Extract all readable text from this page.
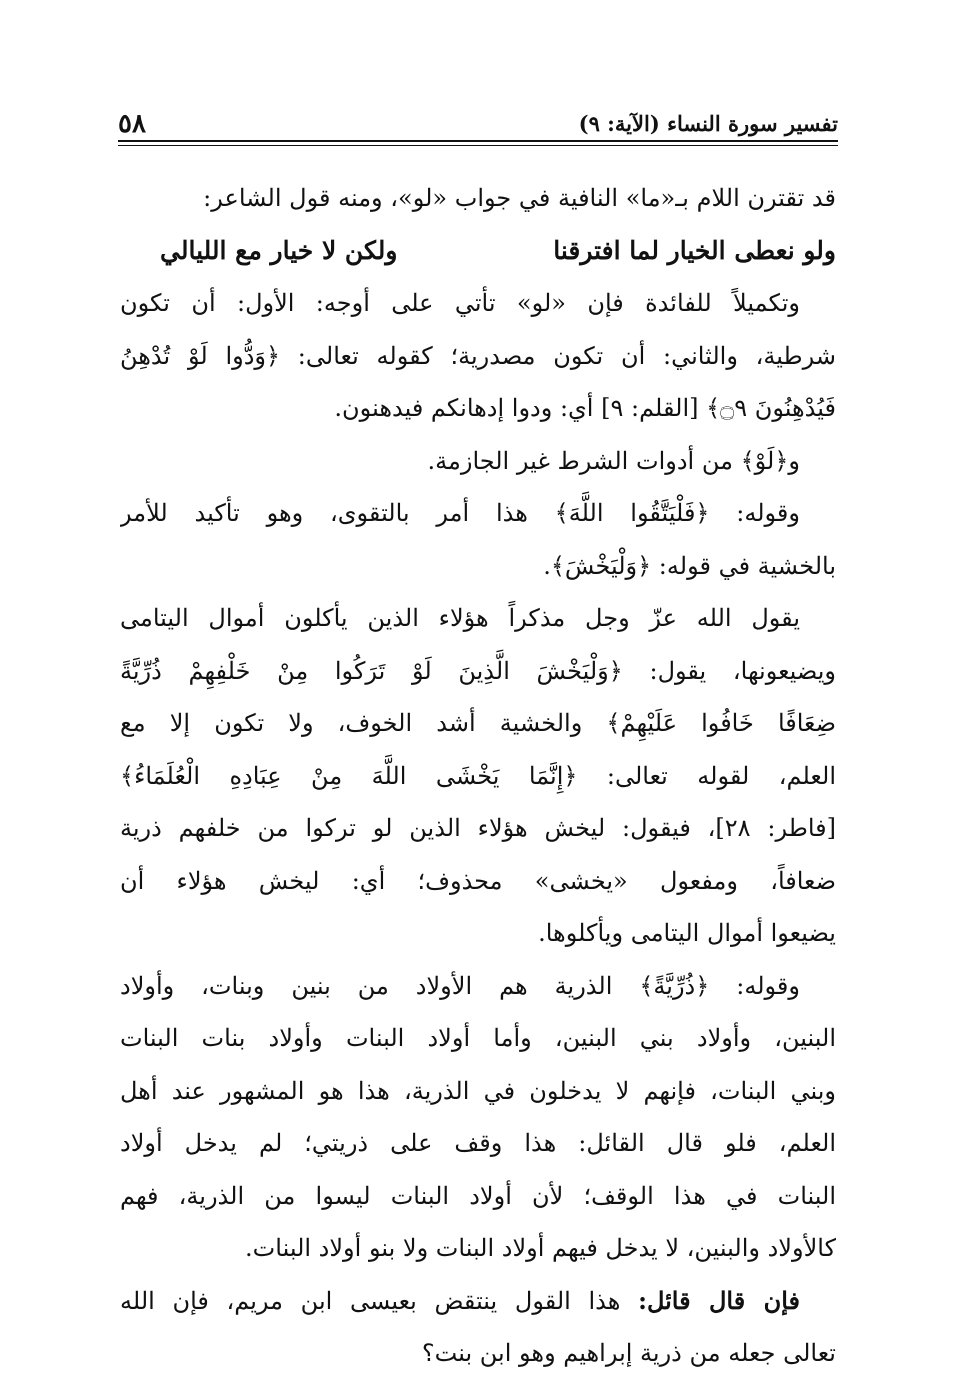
تفسير سورة النساء (الآية: ٩)
٥٨

قد تقترن اللام بـ«ما» النافية في جواب «لو»، ومنه قول الشاعر:

ولو نعطى الخيار لما افترقنا
ولكن لا خيار مع الليالي

وتكميلاً للفائدة فإن «لو» تأتي على أوجه: الأول: أن تكون
شرطية، والثاني: أن تكون مصدرية؛ كقوله تعالى: ﴿وَدُّوا لَوْ تُدْهِنُ
فَيُدْهِنُونَ ۝٩﴾ [القلم: ٩] أي: ودوا إدهانكم فيدهنون.

و﴿لَوْ﴾ من أدوات الشرط غير الجازمة.

وقوله: ﴿فَلْيَتَّقُوا اللَّهَ﴾ هذا أمر بالتقوى، وهو تأكيد للأمر
بالخشية في قوله: ﴿وَلْيَخْشَ﴾.

يقول الله عزّ وجل مذكراً هؤلاء الذين يأكلون أموال اليتامى
ويضيعونها، يقول: ﴿وَلْيَخْشَ الَّذِينَ لَوْ تَرَكُوا مِنْ خَلْفِهِمْ ذُرِّيَّةً
ضِعَافًا خَافُوا عَلَيْهِمْ﴾ والخشية أشد الخوف، ولا تكون إلا مع
العلم، لقوله تعالى: ﴿إِنَّمَا يَخْشَى اللَّهَ مِنْ عِبَادِهِ الْعُلَمَاءُ﴾
[فاطر: ٢٨]، فيقول: ليخش هؤلاء الذين لو تركوا من خلفهم ذرية
ضعافاً، ومفعول «يخشى» محذوف؛ أي: ليخش هؤلاء أن
يضيعوا أموال اليتامى ويأكلوها.

وقوله: ﴿ذُرِّيَّةً﴾ الذرية هم الأولاد من بنين وبنات، وأولاد
البنين، وأولاد بني البنين، وأما أولاد البنات وأولاد بنات البنات
وبني البنات، فإنهم لا يدخلون في الذرية، هذا هو المشهور عند أهل
العلم، فلو قال القائل: هذا وقف على ذريتي؛ لم يدخل أولاد
البنات في هذا الوقف؛ لأن أولاد البنات ليسوا من الذرية، فهم
كالأولاد والبنين، لا يدخل فيهم أولاد البنات ولا بنو أولاد البنات.

فإن قال قائل: هذا القول ينتقض بعيسى ابن مريم، فإن الله
تعالى جعله من ذرية إبراهيم وهو ابن بنت؟
